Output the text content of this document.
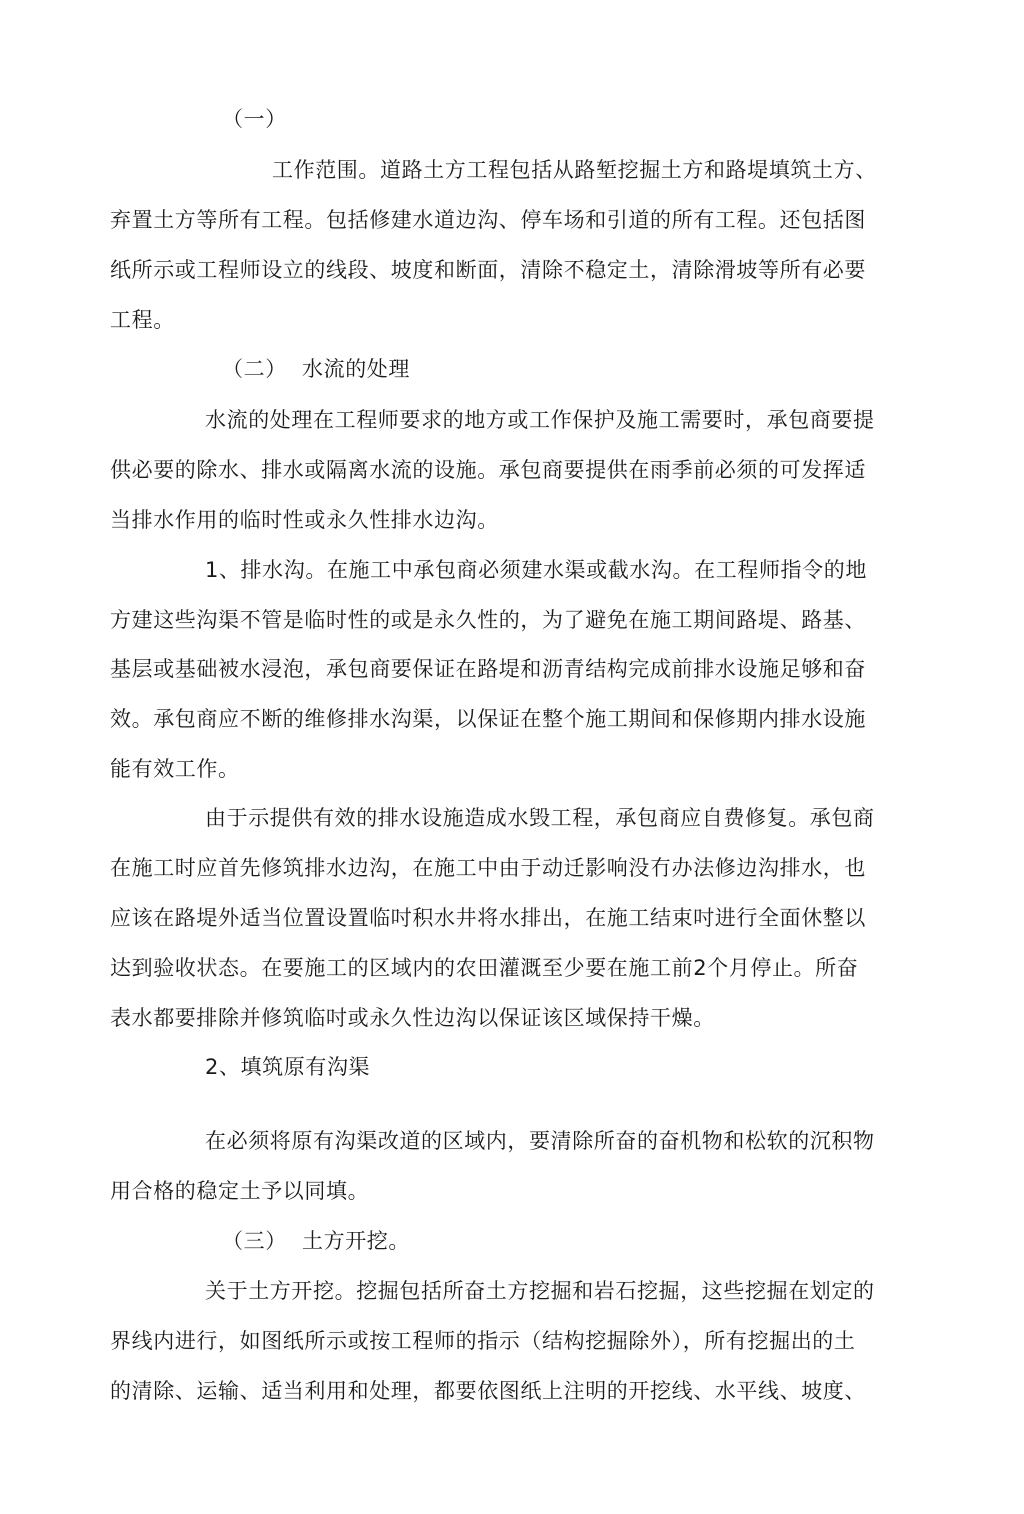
（一）
工作范围。道路土方工程包括从路堑挖掘土方和路堤填筑土方、
弃置土方等所有工程。包括修建水道边沟、停车场和引道的所有工程。还包括图
纸所示或工程师设立的线段、坡度和断面，清除不稳定土，清除滑坡等所有必要
工程。
（二） 水流的处理
水流的处理在工程师要求的地方或工作保护及施工需要时，承包商要提
供必要的除水、排水或隔离水流的设施。承包商要提供在雨季前必须的可发挥适
当排水作用的临时性或永久性排水边沟。
1、排水沟。在施工中承包商必须建水渠或截水沟。在工程师指令的地
方建这些沟渠不管是临时性的或是永久性的，为了避免在施工期间路堤、路基、
基层或基础被水浸泡，承包商要保证在路堤和沥青结构完成前排水设施足够和奋
效。承包商应不断的维修排水沟渠，以保证在整个施工期间和保修期内排水设施
能有效工作。
由于示提供有效的排水设施造成水毁工程，承包商应自费修复。承包商
在施工时应首先修筑排水边沟，在施工中由于动迁影响没冇办法修边沟排水，也
应该在路堤外适当位置设置临吋积水井将水排出，在施工结束吋进行全面休整以
达到验收状态。在要施工的区域内的农田灌溉至少要在施工前2个月停止。所奋
表水都要排除并修筑临吋或永久性边沟以保证该区域保持干燥。
2、填筑原有沟渠
在必须将原有沟渠改道的区域内，要清除所奋的奋机物和松软的沉积物
用合格的稳定土予以同填。
（三） 土方开挖。
关于土方开挖。挖掘包括所奋土方挖掘和岩石挖掘，这些挖掘在划定的
界线内进行，如图纸所示或按工程师的指示（结构挖掘除外），所有挖掘出的土
的清除、运输、适当利用和处理，都要依图纸上注明的开挖线、水平线、坡度、
